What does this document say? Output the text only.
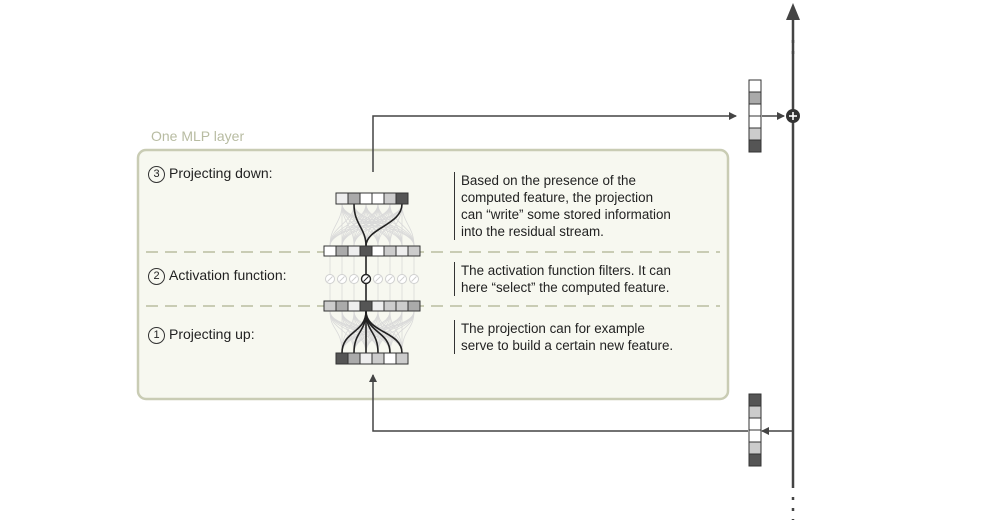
One MLP layer
3 Projecting down:
2 Activation function:
1 Projecting up:
Based on the presence of the
computed feature, the projection
can “write” some stored information
into the residual stream.
The activation function filters. It can
here “select” the computed feature.
The projection can for example
serve to build a certain new feature.
